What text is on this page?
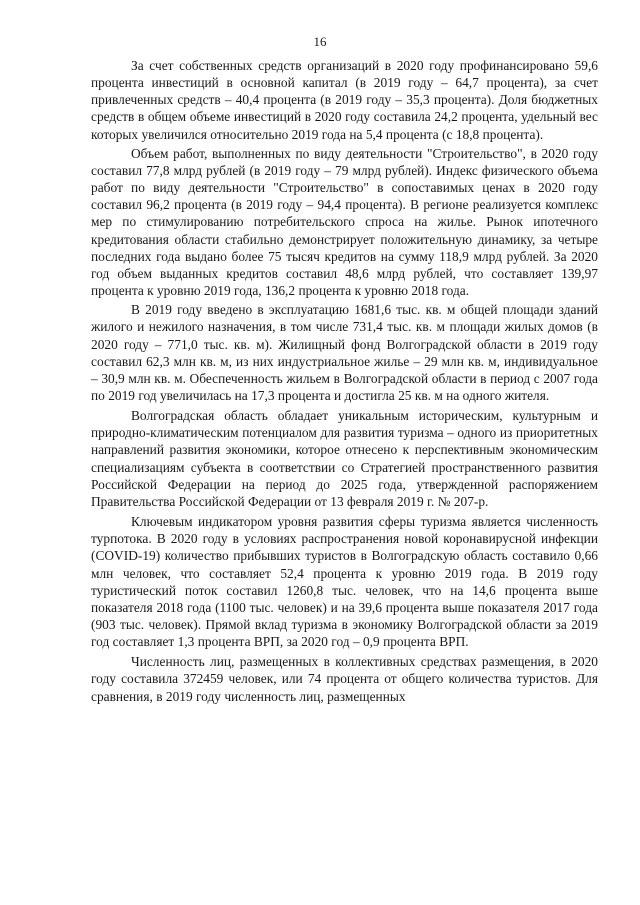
16

За счет собственных средств организаций в 2020 году профинансировано 59,6 процента инвестиций в основной капитал (в 2019 году – 64,7 процента), за счет привлеченных средств – 40,4 процента (в 2019 году – 35,3 процента). Доля бюджетных средств в общем объеме инвестиций в 2020 году составила 24,2 процента, удельный вес которых увеличился относительно 2019 года на 5,4 процента (с 18,8 процента).

Объем работ, выполненных по виду деятельности "Строительство", в 2020 году составил 77,8 млрд рублей (в 2019 году – 79 млрд рублей). Индекс физического объема работ по виду деятельности "Строительство" в сопоставимых ценах в 2020 году составил 96,2 процента (в 2019 году – 94,4 процента). В регионе реализуется комплекс мер по стимулированию потребительского спроса на жилье. Рынок ипотечного кредитования области стабильно демонстрирует положительную динамику, за четыре последних года выдано более 75 тысяч кредитов на сумму 118,9 млрд рублей. За 2020 год объем выданных кредитов составил 48,6 млрд рублей, что составляет 139,97 процента к уровню 2019 года, 136,2 процента к уровню 2018 года.

В 2019 году введено в эксплуатацию 1681,6 тыс. кв. м общей площади зданий жилого и нежилого назначения, в том числе 731,4 тыс. кв. м площади жилых домов (в 2020 году – 771,0 тыс. кв. м). Жилищный фонд Волгоградской области в 2019 году составил 62,3 млн кв. м, из них индустриальное жилье – 29 млн кв. м, индивидуальное – 30,9 млн кв. м. Обеспеченность жильем в Волгоградской области в период с 2007 года по 2019 год увеличилась на 17,3 процента и достигла 25 кв. м на одного жителя.

Волгоградская область обладает уникальным историческим, культурным и природно-климатическим потенциалом для развития туризма – одного из приоритетных направлений развития экономики, которое отнесено к перспективным экономическим специализациям субъекта в соответствии со Стратегией пространственного развития Российской Федерации на период до 2025 года, утвержденной распоряжением Правительства Российской Федерации от 13 февраля 2019 г. № 207-р.

Ключевым индикатором уровня развития сферы туризма является численность турпотока. В 2020 году в условиях распространения новой коронавирусной инфекции (COVID-19) количество прибывших туристов в Волгоградскую область составило 0,66 млн человек, что составляет 52,4 процента к уровню 2019 года. В 2019 году туристический поток составил 1260,8 тыс. человек, что на 14,6 процента выше показателя 2018 года (1100 тыс. человек) и на 39,6 процента выше показателя 2017 года (903 тыс. человек). Прямой вклад туризма в экономику Волгоградской области за 2019 год составляет 1,3 процента ВРП, за 2020 год – 0,9 процента ВРП.

Численность лиц, размещенных в коллективных средствах размещения, в 2020 году составила 372459 человек, или 74 процента от общего количества туристов. Для сравнения, в 2019 году численность лиц, размещенных
